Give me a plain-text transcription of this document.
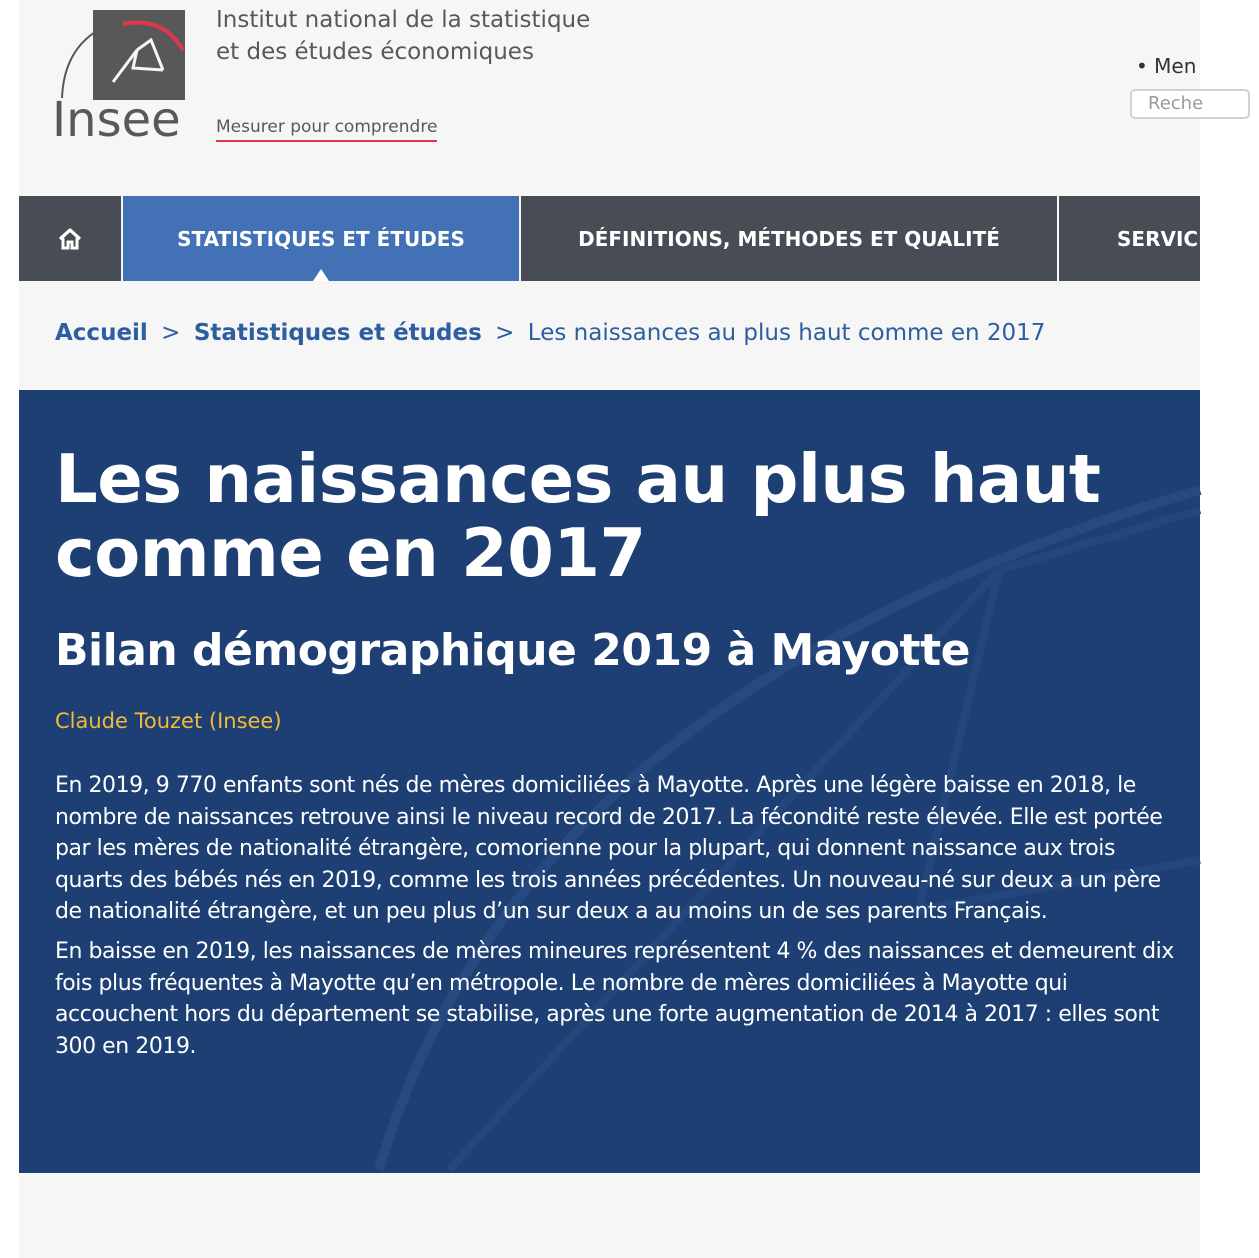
Insee
Institut national de la statistique
et des études économiques
Mesurer pour comprendre
• Men
Reche
STATISTIQUES ET ÉTUDES	DÉFINITIONS, MÉTHODES ET QUALITÉ	SERVICE
Accueil > Statistiques et études > Les naissances au plus haut comme en 2017
Les naissances au plus haut comme en 2017
Bilan démographique 2019 à Mayotte
Claude Touzet (Insee)

En 2019, 9 770 enfants sont nés de mères domiciliées à Mayotte. Après une légère baisse en 2018, le nombre de naissances retrouve ainsi le niveau record de 2017. La fécondité reste élevée. Elle est portée par les mères de nationalité étrangère, comorienne pour la plupart, qui donnent naissance aux trois quarts des bébés nés en 2019, comme les trois années précédentes. Un nouveau-né sur deux a un père de nationalité étrangère, et un peu plus d’un sur deux a au moins un de ses parents Français.

En baisse en 2019, les naissances de mères mineures représentent 4 % des naissances et demeurent dix fois plus fréquentes à Mayotte qu’en métropole. Le nombre de mères domiciliées à Mayotte qui accouchent hors du département se stabilise, après une forte augmentation de 2014 à 2017 : elles sont 300 en 2019.
